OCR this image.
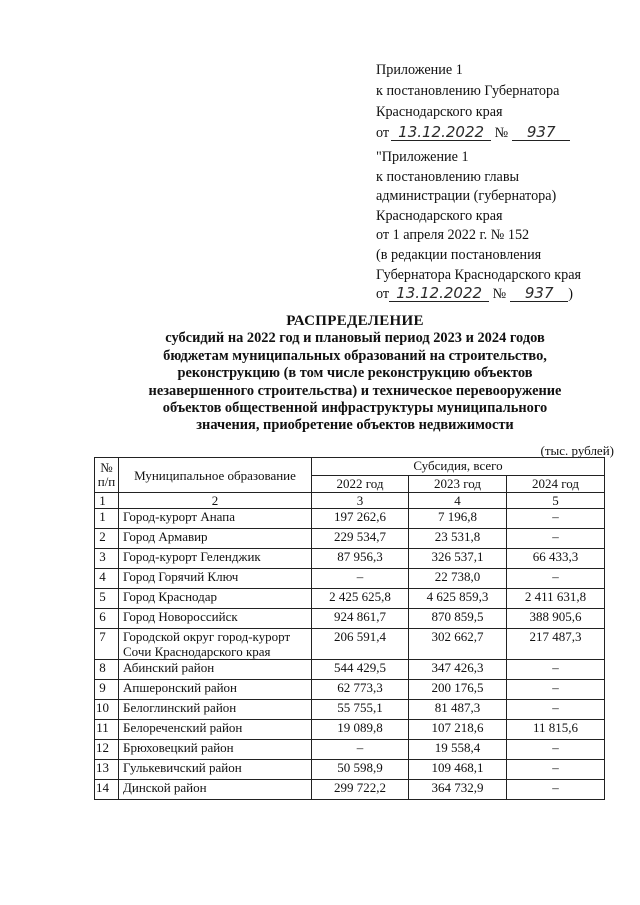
Приложение 1
к постановлению Губернатора
Краснодарского края
от 13.12.2022 № 937
"Приложение 1
к постановлению главы
администрации (губернатора)
Краснодарского края
от 1 апреля 2022 г. № 152
(в редакции постановления
Губернатора Краснодарского края
от 13.12.2022 № 937 )
РАСПРЕДЕЛЕНИЕ
субсидий на 2022 год и плановый период 2023 и 2024 годов
бюджетам муниципальных образований на строительство,
реконструкцию (в том числе реконструкцию объектов
незавершенного строительства) и техническое перевооружение
объектов общественной инфраструктуры муниципального
значения, приобретение объектов недвижимости
(тыс. рублей)
№
п/п	Муниципальное образование	Субсидия, всего		
		2022 год	2023 год	2024 год
1	2	3	4	5
1	Город-курорт Анапа	197 262,6	7 196,8	–
2	Город Армавир	229 534,7	23 531,8	–
3	Город-курорт Геленджик	87 956,3	326 537,1	66 433,3
4	Город Горячий Ключ	–	22 738,0	–
5	Город Краснодар	2 425 625,8	4 625 859,3	2 411 631,8
6	Город Новороссийск	924 861,7	870 859,5	388 905,6
7	Городской округ город-курорт Сочи Краснодарского края	206 591,4	302 662,7	217 487,3
8	Абинский район	544 429,5	347 426,3	–
9	Апшеронский район	62 773,3	200 176,5	–
10	Белоглинский район	55 755,1	81 487,3	–
11	Белореченский район	19 089,8	107 218,6	11 815,6
12	Брюховецкий район	–	19 558,4	–
13	Гулькевичский район	50 598,9	109 468,1	–
14	Динской район	299 722,2	364 732,9	–
